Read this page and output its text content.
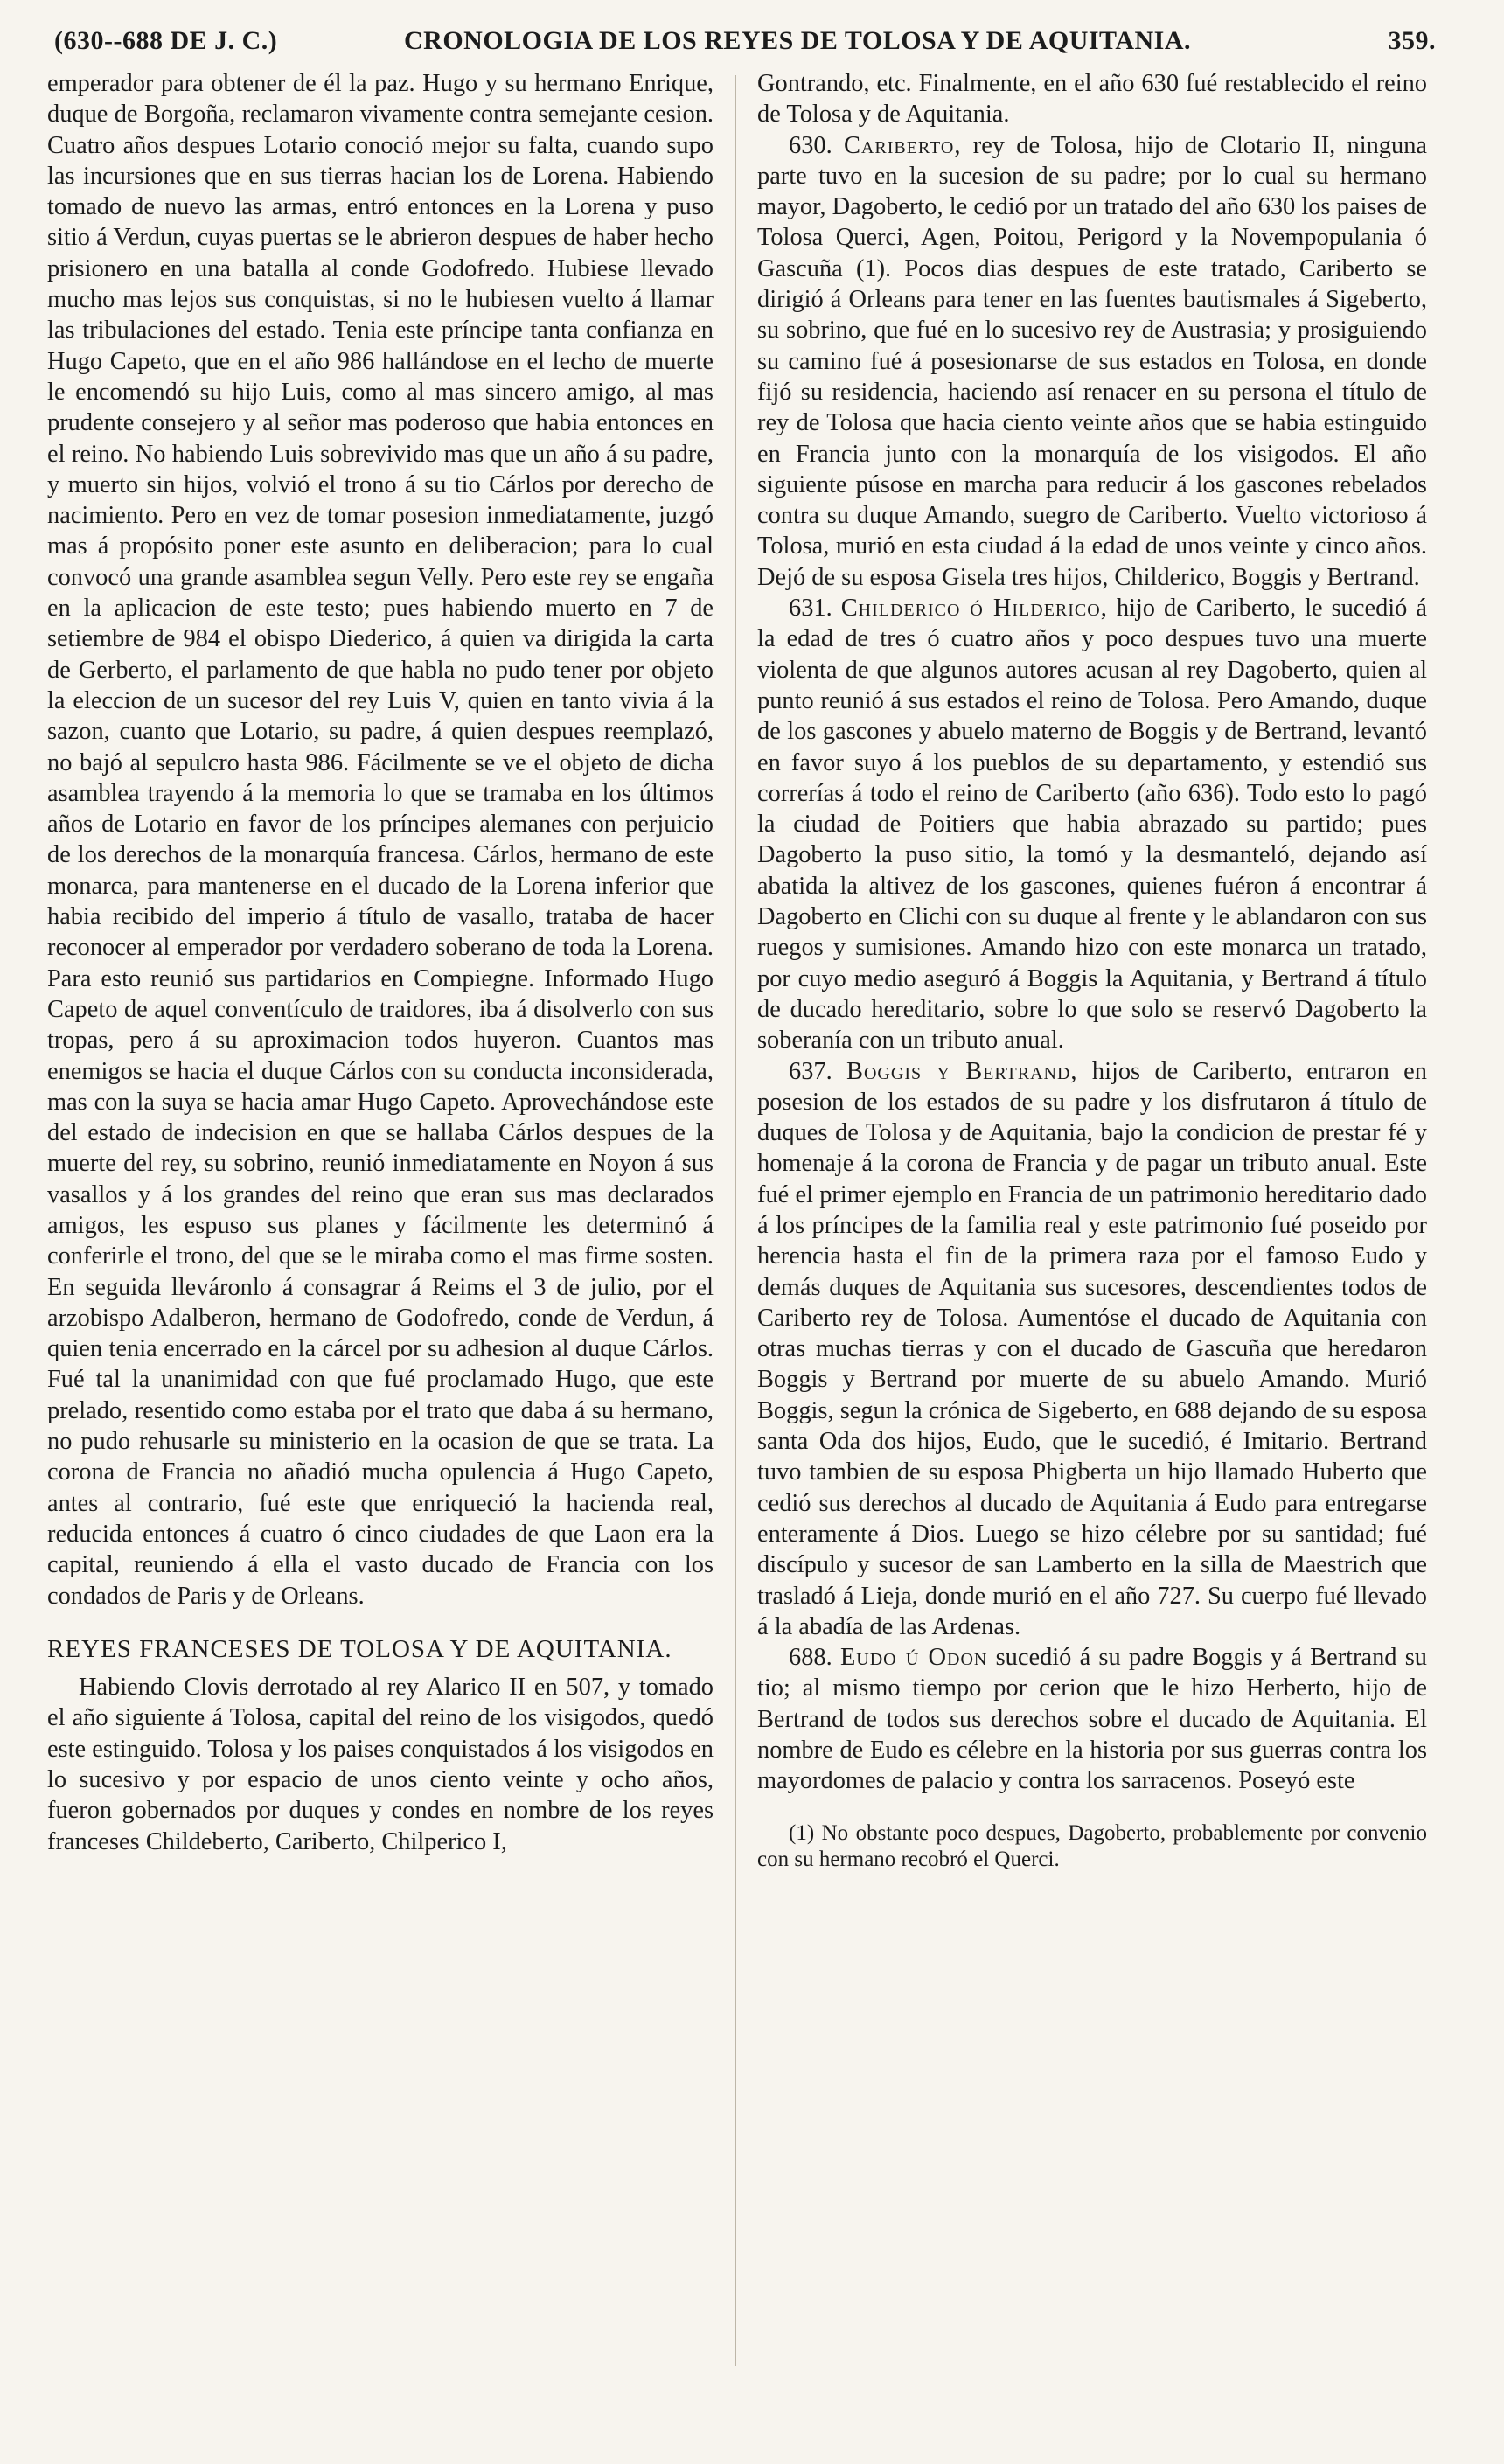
(630--688 DE J. C.)	CRONOLOGIA DE LOS REYES DE TOLOSA Y DE AQUITANIA.	359.

emperador para obtener de él la paz. Hugo y su hermano Enrique, duque de Borgoña, reclamaron vivamente contra semejante cesion. Cuatro años despues Lotario conoció mejor su falta, cuando supo las incursiones que en sus tierras hacian los de Lorena. Habiendo tomado de nuevo las armas, entró entonces en la Lorena y puso sitio á Verdun, cuyas puertas se le abrieron despues de haber hecho prisionero en una batalla al conde Godofredo. Hubiese llevado mucho mas lejos sus conquistas, si no le hubiesen vuelto á llamar las tribulaciones del estado. Tenia este príncipe tanta confianza en Hugo Capeto, que en el año 986 hallándose en el lecho de muerte le encomendó su hijo Luis, como al mas sincero amigo, al mas prudente consejero y al señor mas poderoso que habia entonces en el reino. No habiendo Luis sobrevivido mas que un año á su padre, y muerto sin hijos, volvió el trono á su tio Cárlos por derecho de nacimiento. Pero en vez de tomar posesion inmediatamente, juzgó mas á propósito poner este asunto en deliberacion; para lo cual convocó una grande asamblea segun Velly. Pero este rey se engaña en la aplicacion de este testo; pues habiendo muerto en 7 de setiembre de 984 el obispo Diederico, á quien va dirigida la carta de Gerberto, el parlamento de que habla no pudo tener por objeto la eleccion de un sucesor del rey Luis V, quien en tanto vivia á la sazon, cuanto que Lotario, su padre, á quien despues reemplazó, no bajó al sepulcro hasta 986. Fácilmente se ve el objeto de dicha asamblea trayendo á la memoria lo que se tramaba en los últimos años de Lotario en favor de los príncipes alemanes con perjuicio de los derechos de la monarquía francesa. Cárlos, hermano de este monarca, para mantenerse en el ducado de la Lorena inferior que habia recibido del imperio á título de vasallo, trataba de hacer reconocer al emperador por verdadero soberano de toda la Lorena. Para esto reunió sus partidarios en Compiegne. Informado Hugo Capeto de aquel conventículo de traidores, iba á disolverlo con sus tropas, pero á su aproximacion todos huyeron. Cuantos mas enemigos se hacia el duque Cárlos con su conducta inconsiderada, mas con la suya se hacia amar Hugo Capeto. Aprovechándose este del estado de indecision en que se hallaba Cárlos despues de la muerte del rey, su sobrino, reunió inmediatamente en Noyon á sus vasallos y á los grandes del reino que eran sus mas declarados amigos, les espuso sus planes y fácilmente les determinó á conferirle el trono, del que se le miraba como el mas firme sosten. En seguida lleváronlo á consagrar á Reims el 3 de julio, por el arzobispo Adalberon, hermano de Godofredo, conde de Verdun, á quien tenia encerrado en la cárcel por su adhesion al duque Cárlos. Fué tal la unanimidad con que fué proclamado Hugo, que este prelado, resentido como estaba por el trato que daba á su hermano, no pudo rehusarle su ministerio en la ocasion de que se trata. La corona de Francia no añadió mucha opulencia á Hugo Capeto, antes al contrario, fué este que enriqueció la hacienda real, reducida entonces á cuatro ó cinco ciudades de que Laon era la capital, reuniendo á ella el vasto ducado de Francia con los condados de Paris y de Orleans.

REYES FRANCESES DE TOLOSA Y DE AQUITANIA.

Habiendo Clovis derrotado al rey Alarico II en 507, y tomado el año siguiente á Tolosa, capital del reino de los visigodos, quedó este estinguido. Tolosa y los paises conquistados á los visigodos en lo sucesivo y por espacio de unos ciento veinte y ocho años, fueron gobernados por duques y condes en nombre de los reyes franceses Childeberto, Cariberto, Chilperico I,

Gontrando, etc. Finalmente, en el año 630 fué restablecido el reino de Tolosa y de Aquitania.

630. Cariberto, rey de Tolosa, hijo de Clotario II, ninguna parte tuvo en la sucesion de su padre; por lo cual su hermano mayor, Dagoberto, le cedió por un tratado del año 630 los paises de Tolosa Querci, Agen, Poitou, Perigord y la Novempopulania ó Gascuña (1). Pocos dias despues de este tratado, Cariberto se dirigió á Orleans para tener en las fuentes bautismales á Sigeberto, su sobrino, que fué en lo sucesivo rey de Austrasia; y prosiguiendo su camino fué á posesionarse de sus estados en Tolosa, en donde fijó su residencia, haciendo así renacer en su persona el título de rey de Tolosa que hacia ciento veinte años que se habia estinguido en Francia junto con la monarquía de los visigodos. El año siguiente púsose en marcha para reducir á los gascones rebelados contra su duque Amando, suegro de Cariberto. Vuelto victorioso á Tolosa, murió en esta ciudad á la edad de unos veinte y cinco años. Dejó de su esposa Gisela tres hijos, Childerico, Boggis y Bertrand.

631. Childerico ó Hilderico, hijo de Cariberto, le sucedió á la edad de tres ó cuatro años y poco despues tuvo una muerte violenta de que algunos autores acusan al rey Dagoberto, quien al punto reunió á sus estados el reino de Tolosa. Pero Amando, duque de los gascones y abuelo materno de Boggis y de Bertrand, levantó en favor suyo á los pueblos de su departamento, y estendió sus correrías á todo el reino de Cariberto (año 636). Todo esto lo pagó la ciudad de Poitiers que habia abrazado su partido; pues Dagoberto la puso sitio, la tomó y la desmanteló, dejando así abatida la altivez de los gascones, quienes fuéron á encontrar á Dagoberto en Clichi con su duque al frente y le ablandaron con sus ruegos y sumisiones. Amando hizo con este monarca un tratado, por cuyo medio aseguró á Boggis la Aquitania, y Bertrand á título de ducado hereditario, sobre lo que solo se reservó Dagoberto la soberanía con un tributo anual.

637. Boggis y Bertrand, hijos de Cariberto, entraron en posesion de los estados de su padre y los disfrutaron á título de duques de Tolosa y de Aquitania, bajo la condicion de prestar fé y homenaje á la corona de Francia y de pagar un tributo anual. Este fué el primer ejemplo en Francia de un patrimonio hereditario dado á los príncipes de la familia real y este patrimonio fué poseido por herencia hasta el fin de la primera raza por el famoso Eudo y demás duques de Aquitania sus sucesores, descendientes todos de Cariberto rey de Tolosa. Aumentóse el ducado de Aquitania con otras muchas tierras y con el ducado de Gascuña que heredaron Boggis y Bertrand por muerte de su abuelo Amando. Murió Boggis, segun la crónica de Sigeberto, en 688 dejando de su esposa santa Oda dos hijos, Eudo, que le sucedió, é Imitario. Bertrand tuvo tambien de su esposa Phigberta un hijo llamado Huberto que cedió sus derechos al ducado de Aquitania á Eudo para entregarse enteramente á Dios. Luego se hizo célebre por su santidad; fué discípulo y sucesor de san Lamberto en la silla de Maestrich que trasladó á Lieja, donde murió en el año 727. Su cuerpo fué llevado á la abadía de las Ardenas.

688. Eudo ú Odon sucedió á su padre Boggis y á Bertrand su tio; al mismo tiempo por cerion que le hizo Herberto, hijo de Bertrand de todos sus derechos sobre el ducado de Aquitania. El nombre de Eudo es célebre en la historia por sus guerras contra los mayordomes de palacio y contra los sarracenos. Poseyó este

(1) No obstante poco despues, Dagoberto, probablemente por convenio con su hermano recobró el Querci.
